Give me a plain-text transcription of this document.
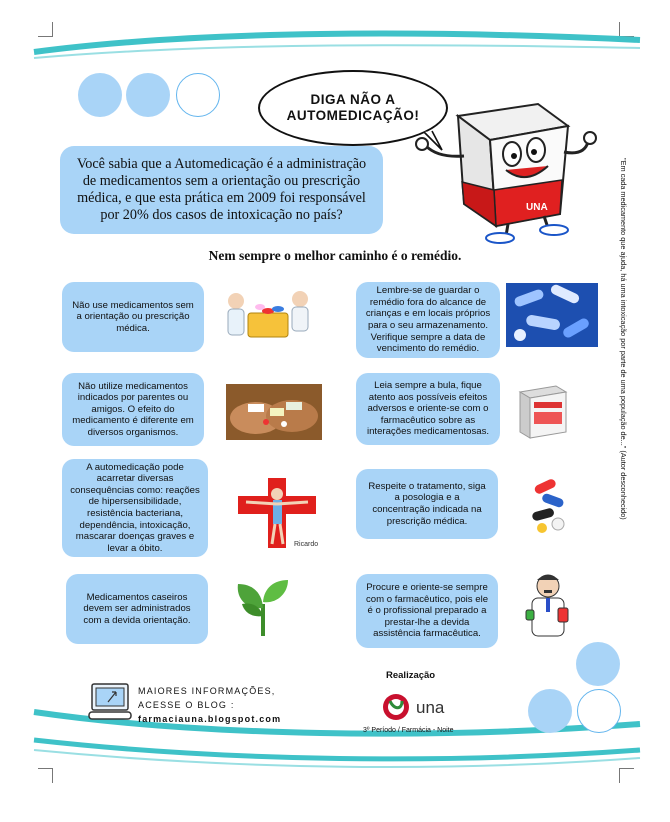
DIGA NÃO A AUTOMEDICAÇÃO!
UNA
Você sabia que a Automedicação é a administração de medicamentos sem a orientação ou prescrição médica, e que esta prática em 2009 foi responsável por 20% dos casos de intoxicação no país?
Nem sempre o melhor caminho é o remédio.	"Em cada medicamento que ajuda, há uma intoxicação por parte de uma população de..." (Autor desconhecido)
Não use medicamentos sem a orientação ou prescrição médica.
Não utilize medicamentos indicados por parentes ou amigos. O efeito do medicamento é diferente em diversos organismos.
A automedicação pode acarretar diversas consequências como: reações de hipersensibilidade, resistência bacteriana, dependência, intoxicação, mascarar doenças graves e levar a óbito.
Medicamentos caseiros devem ser administrados com a devida orientação.
Lembre-se de guardar o remédio fora do alcance de crianças e em locais próprios para o seu armazenamento. Verifique sempre a data de vencimento do remédio.
Leia sempre a bula, fique atento aos possíveis efeitos adversos e oriente-se com o farmacêutico sobre as interações medicamentosas.
Respeite o tratamento, siga a posologia e a concentração indicada na prescrição médica.
Procure e oriente-se sempre com o farmacêutico, pois ele é o profissional preparado a prestar-lhe a devida assistência farmacêutica.
Ricardo
MAIORES INFORMAÇÕES,
ACESSE O BLOG :
farmaciauna.blogspot.com
Realização
una
3º Período / Farmácia - Noite
